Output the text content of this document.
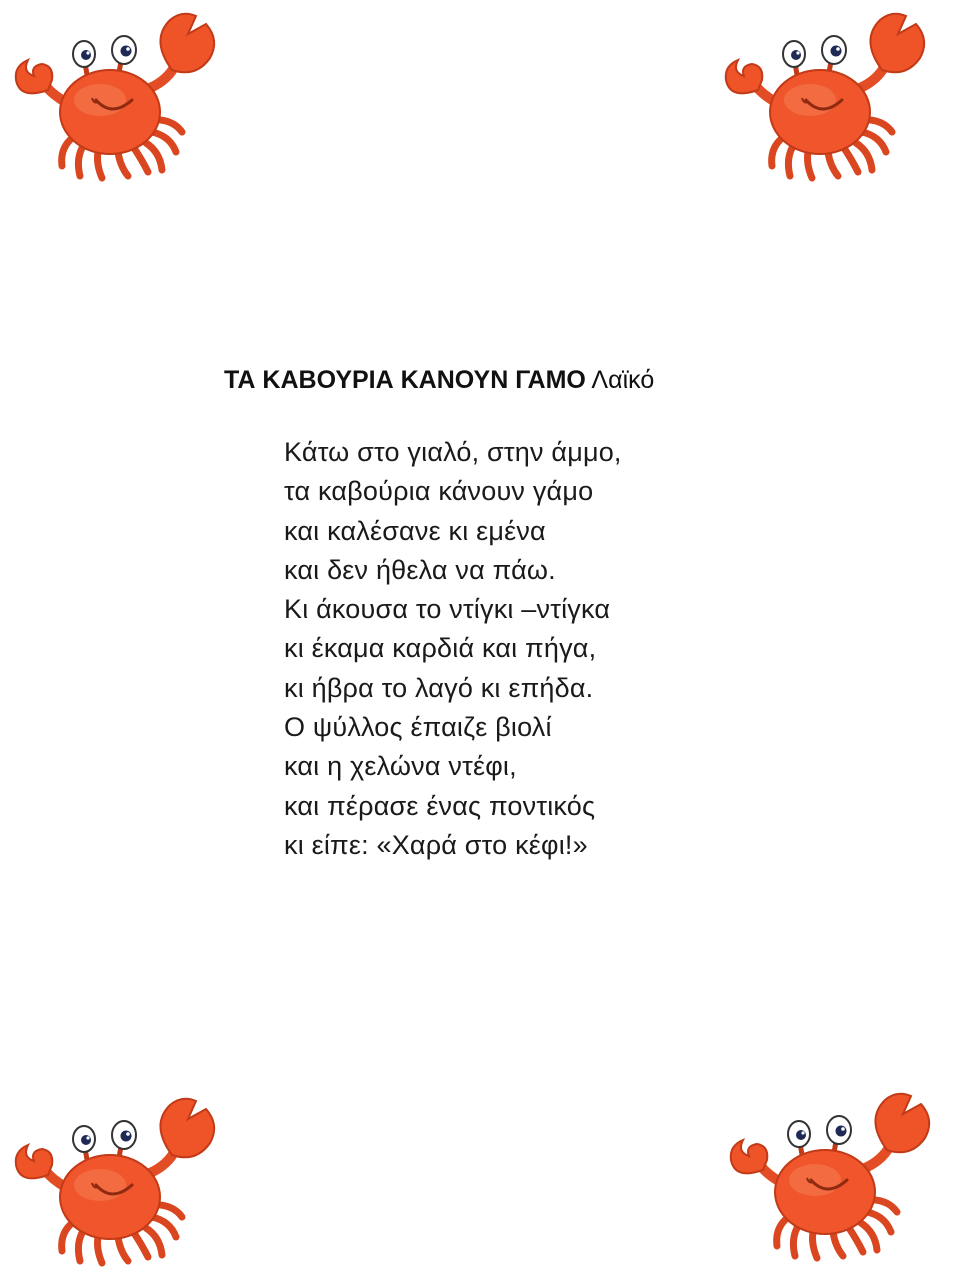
ΤΑ ΚΑΒΟΥΡΙΑ ΚΑΝΟΥΝ ΓΑΜΟ Λαϊκό
Κάτω στο γιαλό, στην άμμο,
τα καβούρια κάνουν γάμο
και καλέσανε κι εμένα
και δεν ήθελα να πάω.
Κι άκουσα το ντίγκι –ντίγκα
κι έκαμα καρδιά και πήγα,
κι ήβρα το λαγό κι επήδα.
Ο ψύλλος έπαιζε βιολί
και η χελώνα ντέφι,
και πέρασε ένας ποντικός
κι είπε: «Χαρά στο κέφι!»
